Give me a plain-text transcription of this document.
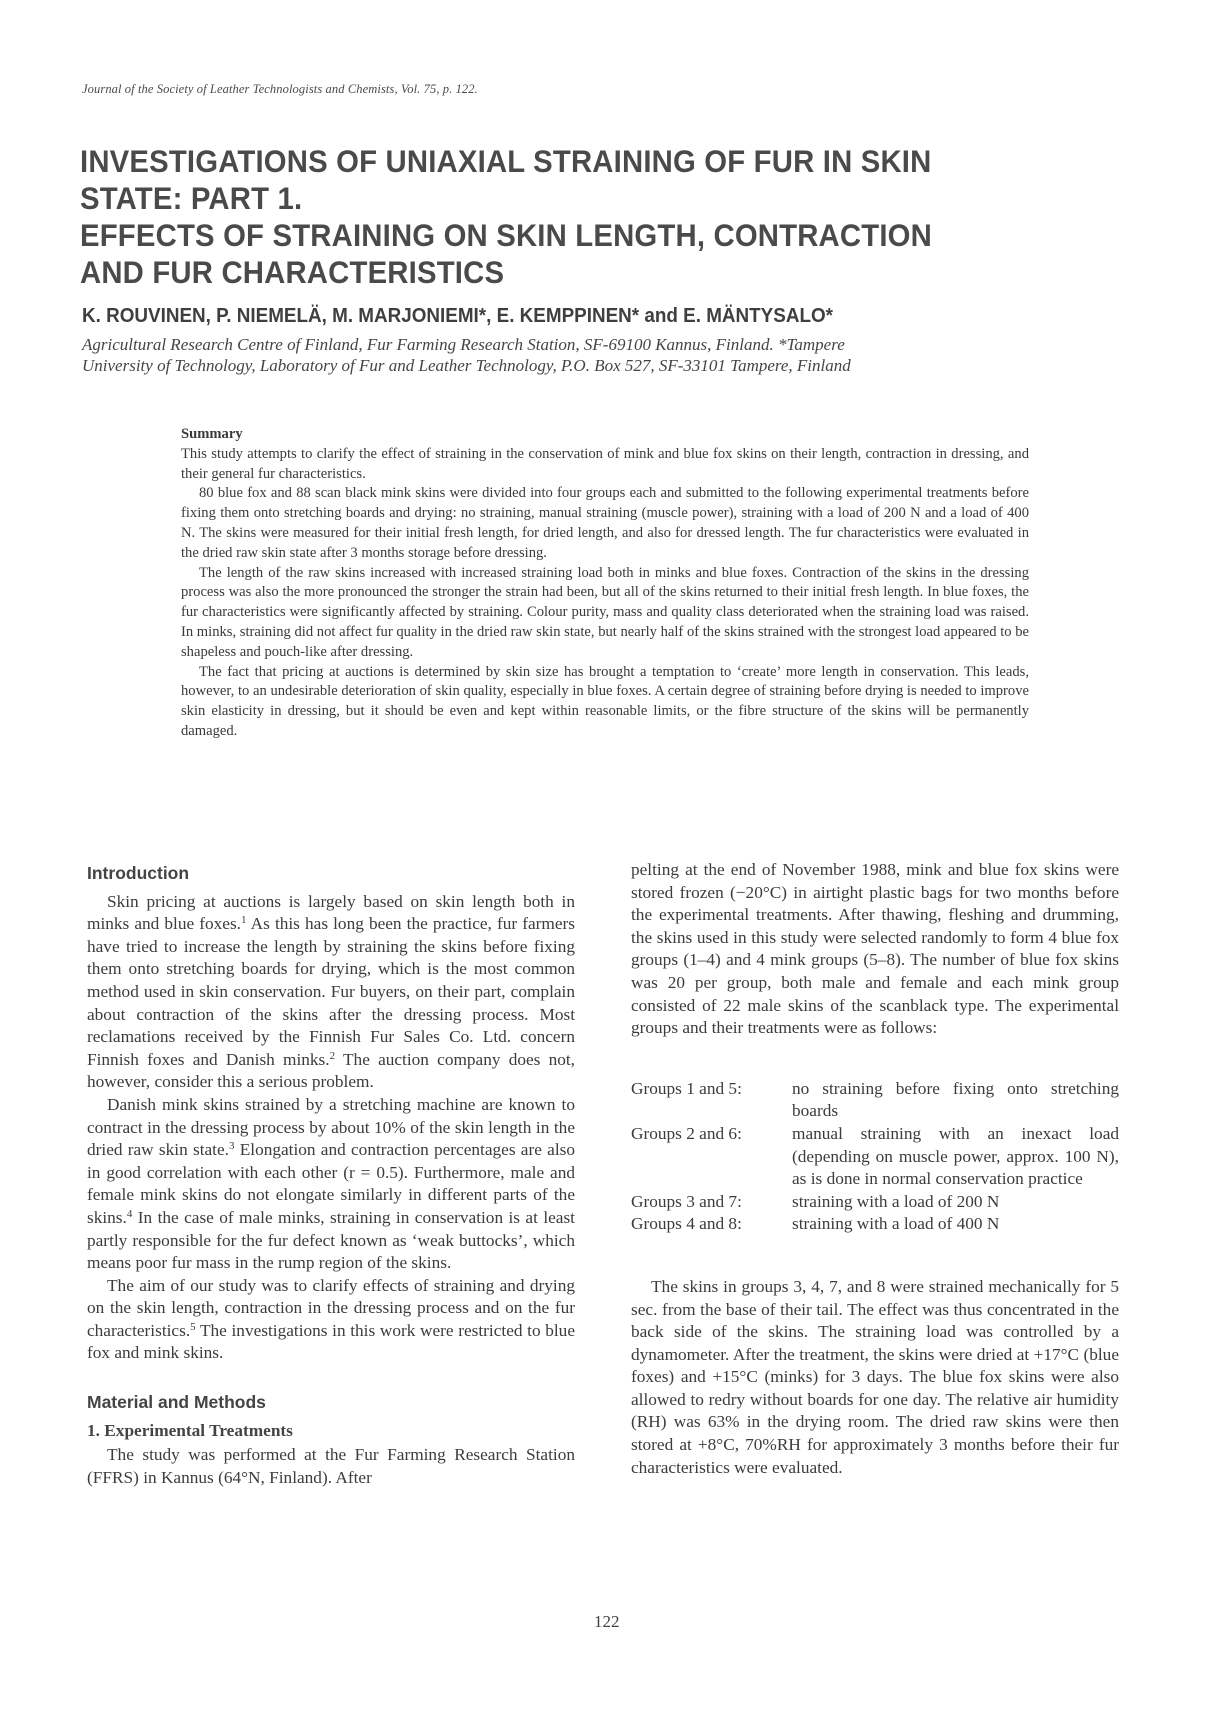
Journal of the Society of Leather Technologists and Chemists, Vol. 75, p. 122.
INVESTIGATIONS OF UNIAXIAL STRAINING OF FUR IN SKIN
STATE: PART 1.
EFFECTS OF STRAINING ON SKIN LENGTH, CONTRACTION
AND FUR CHARACTERISTICS
K. ROUVINEN, P. NIEMELÄ, M. MARJONIEMI*, E. KEMPPINEN* and E. MÄNTYSALO*
Agricultural Research Centre of Finland, Fur Farming Research Station, SF-69100 Kannus, Finland. *Tampere
University of Technology, Laboratory of Fur and Leather Technology, P.O. Box 527, SF-33101 Tampere, Finland
Summary

This study attempts to clarify the effect of straining in the conservation of mink and blue fox skins on their length, contraction in dressing, and their general fur characteristics.

80 blue fox and 88 scan black mink skins were divided into four groups each and submitted to the following experimental treatments before fixing them onto stretching boards and drying: no straining, manual straining (muscle power), straining with a load of 200 N and a load of 400 N. The skins were measured for their initial fresh length, for dried length, and also for dressed length. The fur characteristics were evaluated in the dried raw skin state after 3 months storage before dressing.

The length of the raw skins increased with increased straining load both in minks and blue foxes. Contraction of the skins in the dressing process was also the more pronounced the stronger the strain had been, but all of the skins returned to their initial fresh length. In blue foxes, the fur characteristics were significantly affected by straining. Colour purity, mass and quality class deteriorated when the straining load was raised. In minks, straining did not affect fur quality in the dried raw skin state, but nearly half of the skins strained with the strongest load appeared to be shapeless and pouch-like after dressing.

The fact that pricing at auctions is determined by skin size has brought a temptation to ‘create’ more length in conservation. This leads, however, to an undesirable deterioration of skin quality, especially in blue foxes. A certain degree of straining before drying is needed to improve skin elasticity in dressing, but it should be even and kept within reasonable limits, or the fibre structure of the skins will be permanently damaged.

Introduction

Skin pricing at auctions is largely based on skin length both in minks and blue foxes.$^1$ As this has long been the practice, fur farmers have tried to increase the length by straining the skins before fixing them onto stretching boards for drying, which is the most common method used in skin conservation. Fur buyers, on their part, complain about contraction of the skins after the dressing process. Most reclamations received by the Finnish Fur Sales Co. Ltd. concern Finnish foxes and Danish minks.$^2$ The auction company does not, however, consider this a serious problem.

Danish mink skins strained by a stretching machine are known to contract in the dressing process by about 10% of the skin length in the dried raw skin state.$^3$ Elongation and contraction percentages are also in good correlation with each other (r = 0.5). Furthermore, male and female mink skins do not elongate similarly in different parts of the skins.$^4$ In the case of male minks, straining in conservation is at least partly responsible for the fur defect known as ‘weak buttocks’, which means poor fur mass in the rump region of the skins.

The aim of our study was to clarify effects of straining and drying on the skin length, contraction in the dressing process and on the fur characteristics.$^5$ The investigations in this work were restricted to blue fox and mink skins.

Material and Methods
1. Experimental Treatments

The study was performed at the Fur Farming Research Station (FFRS) in Kannus (64°N, Finland). After

pelting at the end of November 1988, mink and blue fox skins were stored frozen (−20°C) in airtight plastic bags for two months before the experimental treatments. After thawing, fleshing and drumming, the skins used in this study were selected randomly to form 4 blue fox groups (1–4) and 4 mink groups (5–8). The number of blue fox skins was 20 per group, both male and female and each mink group consisted of 22 male skins of the scanblack type. The experimental groups and their treatments were as follows:

Groups 1 and 5:	no straining before fixing onto stretching boards
Groups 2 and 6:	manual straining with an inexact load (depending on muscle power, approx. 100 N), as is done in normal conservation practice
Groups 3 and 7:	straining with a load of 200 N
Groups 4 and 8:	straining with a load of 400 N

The skins in groups 3, 4, 7, and 8 were strained mechanically for 5 sec. from the base of their tail. The effect was thus concentrated in the back side of the skins. The straining load was controlled by a dynamometer. After the treatment, the skins were dried at +17°C (blue foxes) and +15°C (minks) for 3 days. The blue fox skins were also allowed to redry without boards for one day. The relative air humidity (RH) was 63% in the drying room. The dried raw skins were then stored at +8°C, 70%RH for approximately 3 months before their fur characteristics were evaluated.

122
